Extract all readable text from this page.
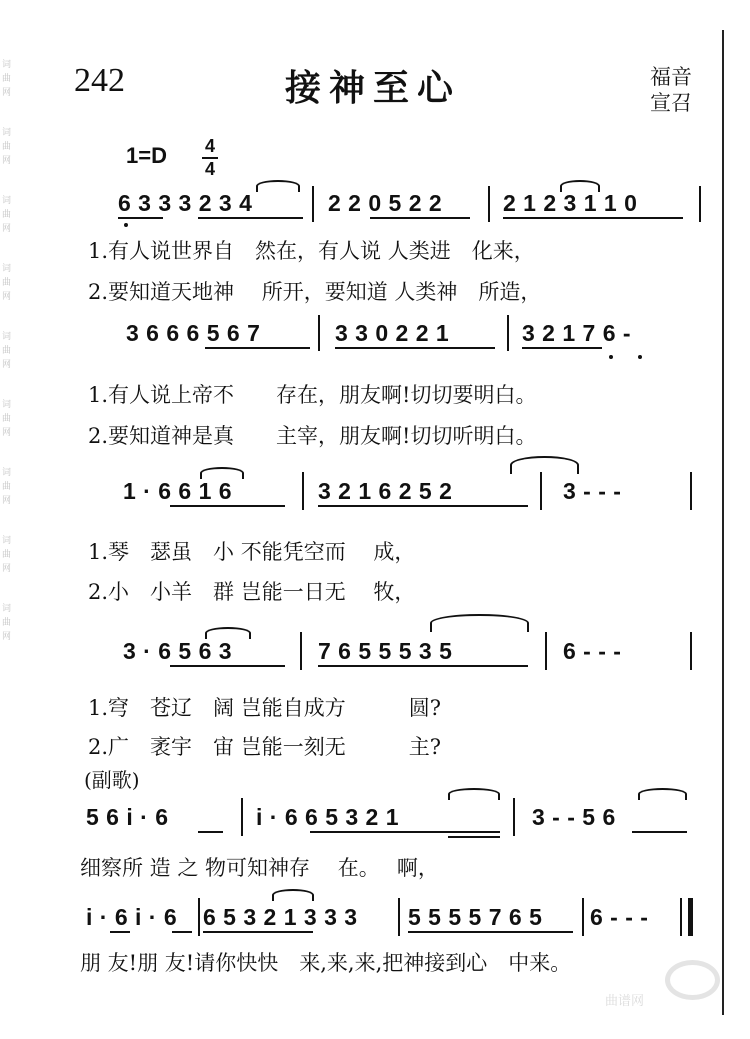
词
曲
网
词
曲
网
词
曲
网
词
曲
网
词
曲
网
词
曲
网
词
曲
网
词
曲
网
词
曲
网
242	接神至心	福音
宣召
1=D 4
4
6 3 3 3 2 3 4	2 2 0 5 2 2	2 1 2 3 1 1 0
1.有人说世界自　然在，有人说 人类进　化来，
2.要知道天地神　 所开，要知道 人类神　所造，
3 6 6 6 5 6 7	3 3 0 2 2 1	3 2 1 7 6 -
1.有人说上帝不　　存在，朋友啊!切切要明白。
2.要知道神是真　　主宰，朋友啊!切切听明白。
1 · 6 6 1 6	3 2 1 6 2 5 2	3 - - -
1.琴　瑟虽　小 不能凭空而　 成，
2.小　小羊　群 岂能一日无　 牧，
3 · 6 5 6 3	7 6 5 5 5 3 5	6 - - -
1.穹　苍辽　阔 岂能自成方　　　圆?
2.广　袤宇　宙 岂能一刻无　　　主?
(副歌)
5 6 i · 6	i · 6 6 5 3 2 1	3 - - 5 6
细察所 造 之 物可知神存　 在。　 啊，
i · 6 i · 6 6 5 3 2 1 3 3 3 5 5 5 5 7 6 5 6 - - -
朋 友!朋 友!请你快快　来,来,来,把神接到心　中来。
曲谱网
